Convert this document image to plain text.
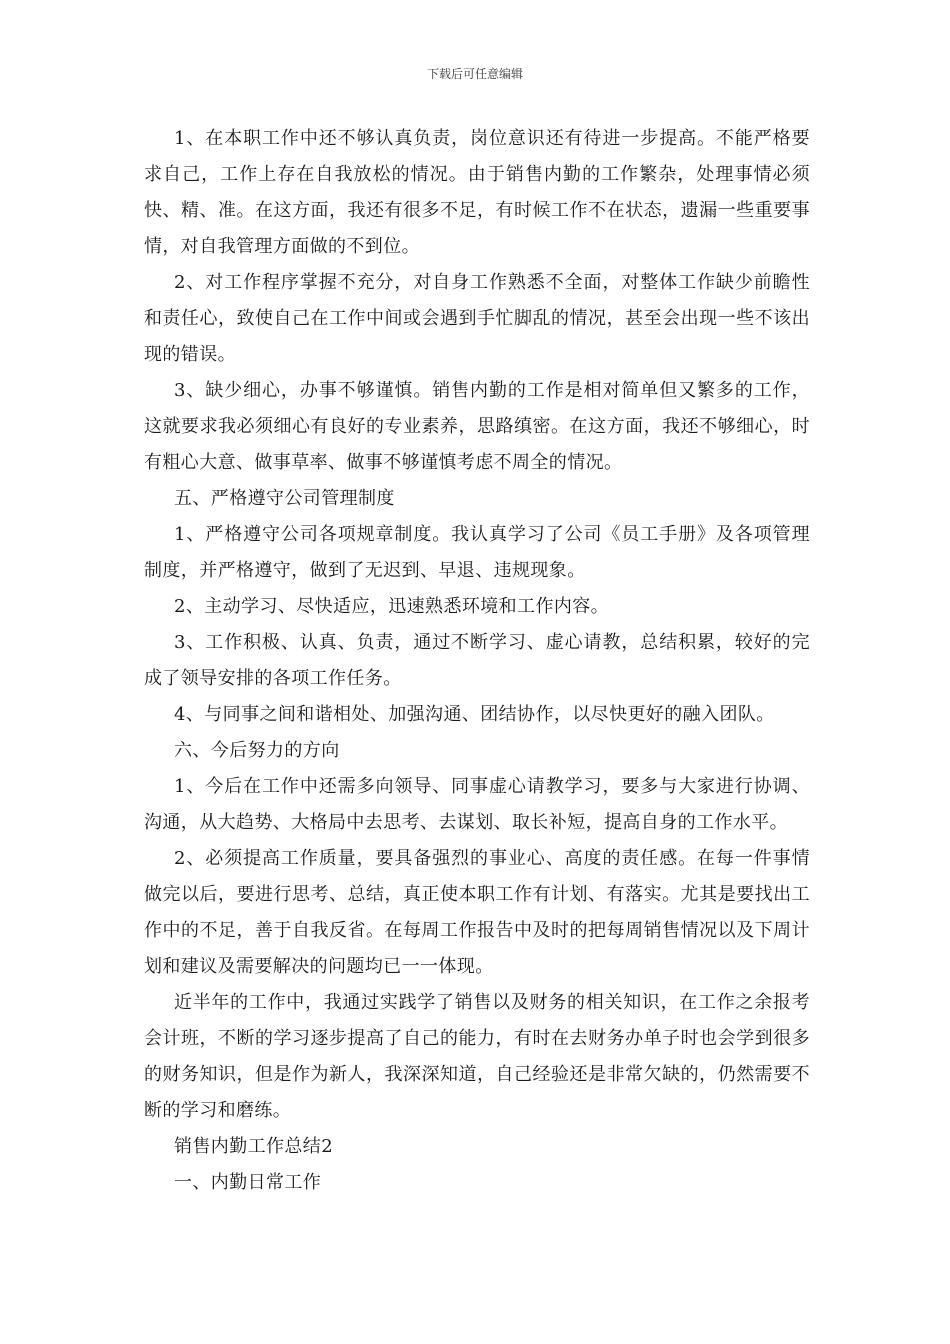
下载后可任意编辑

1、在本职工作中还不够认真负责，岗位意识还有待进一步提高。不能严格要求自己，工作上存在自我放松的情况。由于销售内勤的工作繁杂，处理事情必须快、精、准。在这方面，我还有很多不足，有时候工作不在状态，遗漏一些重要事情，对自我管理方面做的不到位。

2、对工作程序掌握不充分，对自身工作熟悉不全面，对整体工作缺少前瞻性和责任心，致使自己在工作中间或会遇到手忙脚乱的情况，甚至会出现一些不该出现的错误。

3、缺少细心，办事不够谨慎。销售内勤的工作是相对简单但又繁多的工作，这就要求我必须细心有良好的专业素养，思路缜密。在这方面，我还不够细心，时有粗心大意、做事草率、做事不够谨慎考虑不周全的情况。

五、严格遵守公司管理制度

1、严格遵守公司各项规章制度。我认真学习了公司《员工手册》及各项管理制度，并严格遵守，做到了无迟到、早退、违规现象。

2、主动学习、尽快适应，迅速熟悉环境和工作内容。

3、工作积极、认真、负责，通过不断学习、虚心请教，总结积累，较好的完成了领导安排的各项工作任务。

4、与同事之间和谐相处、加强沟通、团结协作，以尽快更好的融入团队。

六、今后努力的方向

1、今后在工作中还需多向领导、同事虚心请教学习，要多与大家进行协调、沟通，从大趋势、大格局中去思考、去谋划、取长补短，提高自身的工作水平。

2、必须提高工作质量，要具备强烈的事业心、高度的责任感。在每一件事情做完以后，要进行思考、总结，真正使本职工作有计划、有落实。尤其是要找出工作中的不足，善于自我反省。在每周工作报告中及时的把每周销售情况以及下周计划和建议及需要解决的问题均已一一体现。

近半年的工作中，我通过实践学了销售以及财务的相关知识，在工作之余报考会计班，不断的学习逐步提高了自己的能力，有时在去财务办单子时也会学到很多的财务知识，但是作为新人，我深深知道，自己经验还是非常欠缺的，仍然需要不断的学习和磨练。

销售内勤工作总结2

一、内勤日常工作
